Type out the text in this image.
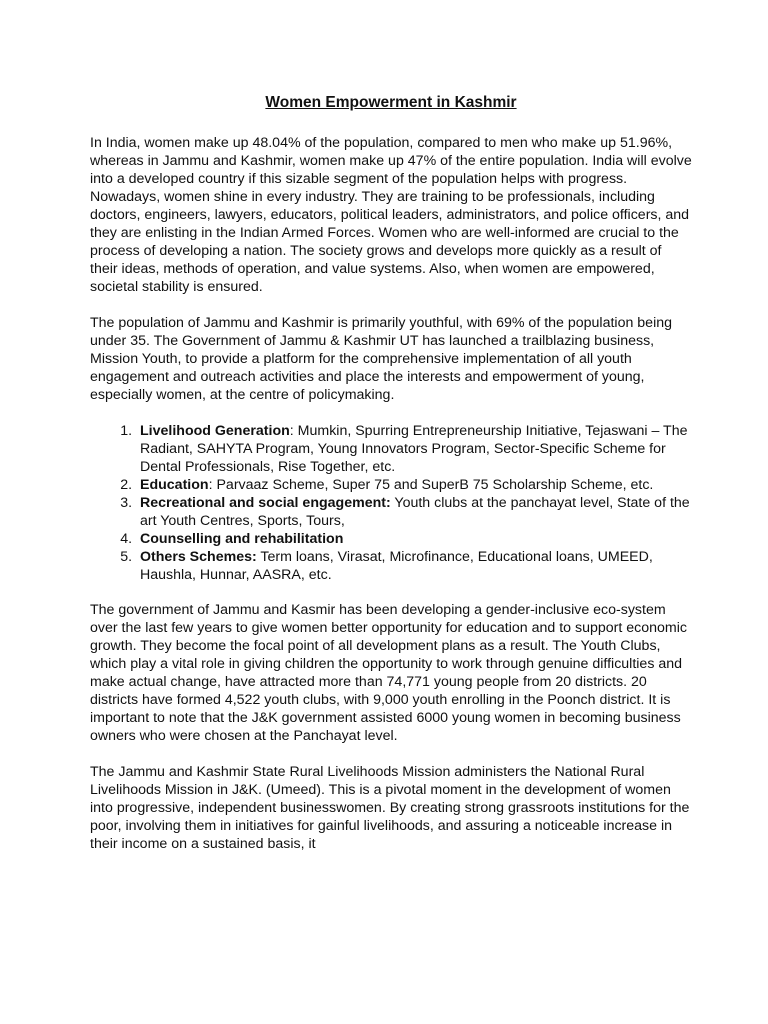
Women Empowerment in Kashmir

In India, women make up 48.04% of the population, compared to men who make up 51.96%, whereas in Jammu and Kashmir, women make up 47% of the entire population. India will evolve into a developed country if this sizable segment of the population helps with progress. Nowadays, women shine in every industry. They are training to be professionals, including doctors, engineers, lawyers, educators, political leaders, administrators, and police officers, and they are enlisting in the Indian Armed Forces. Women who are well-informed are crucial to the process of developing a nation. The society grows and develops more quickly as a result of their ideas, methods of operation, and value systems. Also, when women are empowered, societal stability is ensured.

The population of Jammu and Kashmir is primarily youthful, with 69% of the population being under 35. The Government of Jammu & Kashmir UT has launched a trailblazing business, Mission Youth, to provide a platform for the comprehensive implementation of all youth engagement and outreach activities and place the interests and empowerment of young, especially women, at the centre of policymaking.

1. Livelihood Generation: Mumkin, Spurring Entrepreneurship Initiative, Tejaswani – The Radiant, SAHYTA Program, Young Innovators Program, Sector-Specific Scheme for Dental Professionals, Rise Together, etc.
2. Education: Parvaaz Scheme, Super 75 and SuperB 75 Scholarship Scheme, etc.
3. Recreational and social engagement: Youth clubs at the panchayat level, State of the art Youth Centres, Sports, Tours,
4. Counselling and rehabilitation
5. Others Schemes: Term loans, Virasat, Microfinance, Educational loans, UMEED, Haushla, Hunnar, AASRA, etc.

The government of Jammu and Kasmir has been developing a gender-inclusive eco-system over the last few years to give women better opportunity for education and to support economic growth. They become the focal point of all development plans as a result. The Youth Clubs, which play a vital role in giving children the opportunity to work through genuine difficulties and make actual change, have attracted more than 74,771 young people from 20 districts. 20 districts have formed 4,522 youth clubs, with 9,000 youth enrolling in the Poonch district. It is important to note that the J&K government assisted 6000 young women in becoming business owners who were chosen at the Panchayat level.

The Jammu and Kashmir State Rural Livelihoods Mission administers the National Rural Livelihoods Mission in J&K. (Umeed). This is a pivotal moment in the development of women into progressive, independent businesswomen. By creating strong grassroots institutions for the poor, involving them in initiatives for gainful livelihoods, and assuring a noticeable increase in their income on a sustained basis, it
